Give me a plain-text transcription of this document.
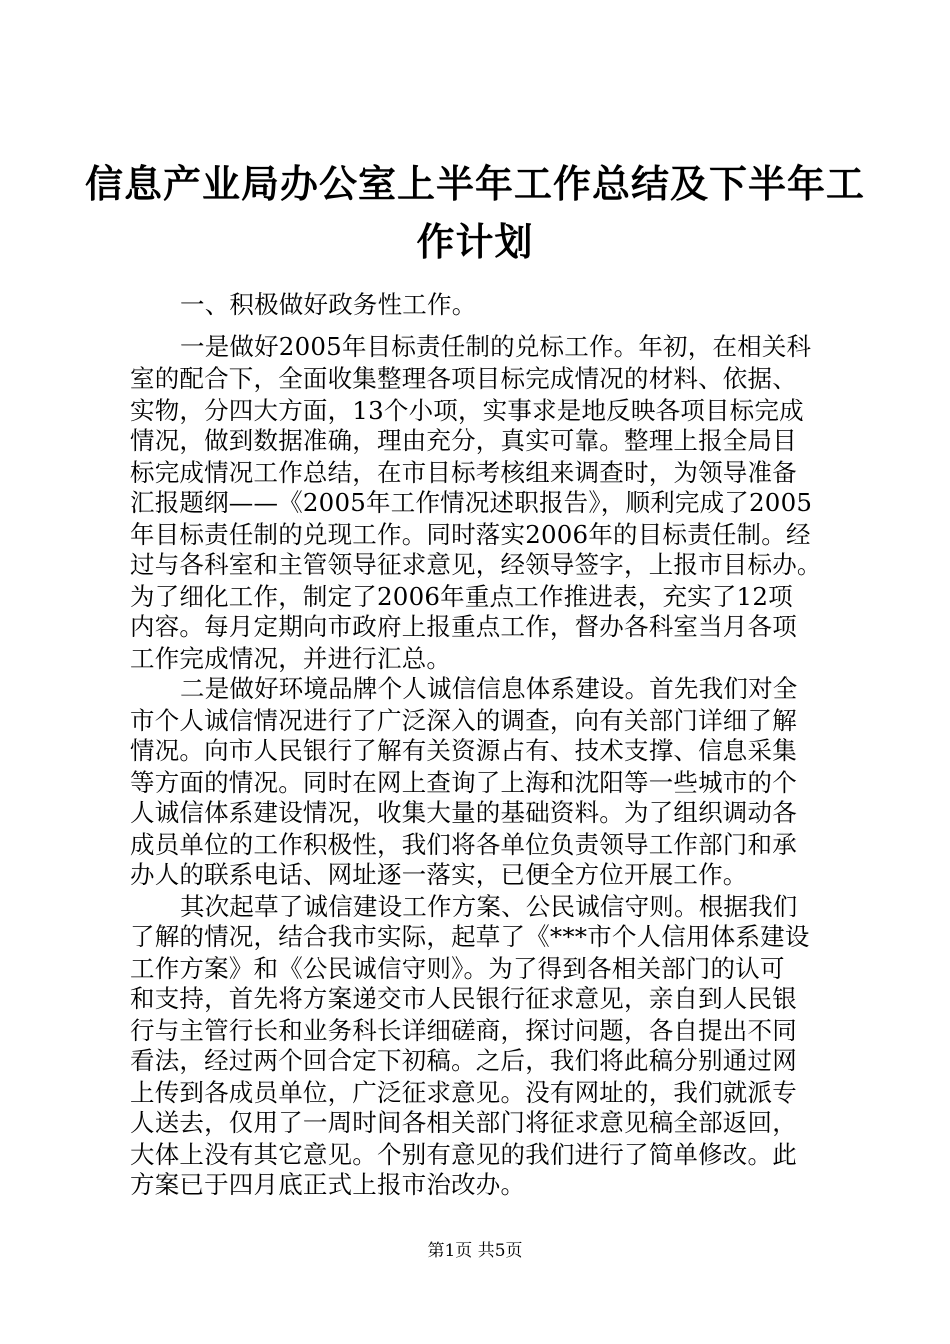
信息产业局办公室上半年工作总结及下半年工
作计划
一、积极做好政务性工作。
一是做好2005年目标责任制的兑标工作。年初，在相关科
室的配合下，全面收集整理各项目标完成情况的材料、依据、
实物，分四大方面，13个小项，实事求是地反映各项目标完成
情况，做到数据准确，理由充分，真实可靠。整理上报全局目
标完成情况工作总结，在市目标考核组来调查时，为领导准备
汇报题纲——《2005年工作情况述职报告》，顺利完成了2005
年目标责任制的兑现工作。同时落实2006年的目标责任制。经
过与各科室和主管领导征求意见，经领导签字，上报市目标办。
为了细化工作，制定了2006年重点工作推进表，充实了12项
内容。每月定期向市政府上报重点工作，督办各科室当月各项
工作完成情况，并进行汇总。
二是做好环境品牌个人诚信信息体系建设。首先我们对全
市个人诚信情况进行了广泛深入的调查，向有关部门详细了解
情况。向市人民银行了解有关资源占有、技术支撑、信息采集
等方面的情况。同时在网上查询了上海和沈阳等一些城市的个
人诚信体系建设情况，收集大量的基础资料。为了组织调动各
成员单位的工作积极性，我们将各单位负责领导工作部门和承
办人的联系电话、网址逐一落实，已便全方位开展工作。
其次起草了诚信建设工作方案、公民诚信守则。根据我们
了解的情况，结合我市实际，起草了《***市个人信用体系建设
工作方案》和《公民诚信守则》。为了得到各相关部门的认可
和支持，首先将方案递交市人民银行征求意见，亲自到人民银
行与主管行长和业务科长详细磋商，探讨问题，各自提出不同
看法，经过两个回合定下初稿。之后，我们将此稿分别通过网
上传到各成员单位，广泛征求意见。没有网址的，我们就派专
人送去，仅用了一周时间各相关部门将征求意见稿全部返回，
大体上没有其它意见。个别有意见的我们进行了简单修改。此
方案已于四月底正式上报市治改办。
第1页 共5页
